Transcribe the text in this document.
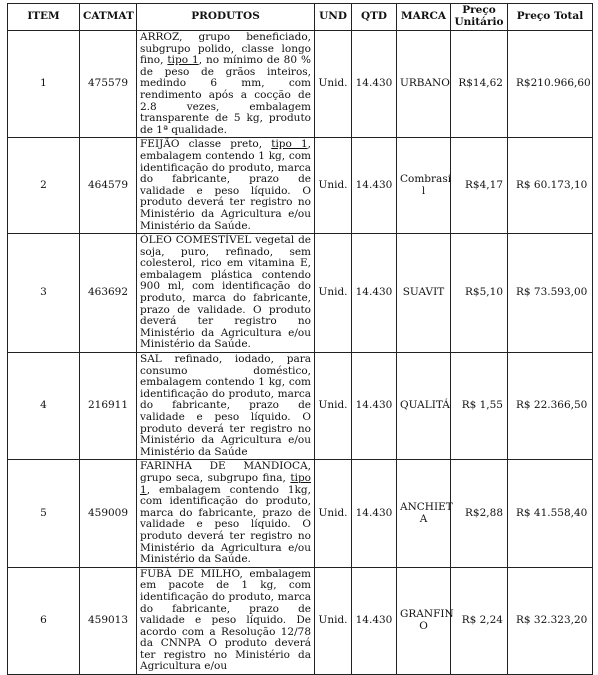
ITEM	CATMAT	PRODUTOS	UND	QTD	MARCA	Preço Unitário	Preço Total
1	475579	ARROZ, grupo beneficiado, subgrupo polido, classe longo fino, tipo 1, no mínimo de 80 % de peso de grãos inteiros, medindo 6 mm, com rendimento após a cocção de 2.8 vezes, embalagem transparente de 5 kg, produto de 1ª qualidade.	Unid.	14.430	URBANO	R$14,62	R$210.966,60
2	464579	FEIJÃO classe preto, tipo 1, embalagem contendo 1 kg, com identificação do produto, marca do fabricante, prazo de validade e peso líquido. O produto deverá ter registro no Ministério da Agricultura e/ou Ministério da Saúde.	Unid.	14.430	Combrasi l	R$4,17	R$ 60.173,10
3	463692	ÓLEO COMESTÍVEL vegetal de soja, puro, refinado, sem colesterol, rico em vitamina E, embalagem plástica contendo 900 ml, com identificação do produto, marca do fabricante, prazo de validade. O produto deverá ter registro no Ministério da Agricultura e/ou Ministério da Saúde.	Unid.	14.430	SUAVIT	R$5,10	R$ 73.593,00
4	216911	SAL refinado, iodado, para consumo doméstico, embalagem contendo 1 kg, com identificação do produto, marca do fabricante, prazo de validade e peso líquido. O produto deverá ter registro no Ministério da Agricultura e/ou Ministério da Saúde	Unid.	14.430	QUALITÁ	R$ 1,55	R$ 22.366,50
5	459009	FARINHA DE MANDIOCA, grupo seca, subgrupo fina, tipo 1, embalagem contendo 1kg, com identificação do produto, marca do fabricante, prazo de validade e peso líquido. O produto deverá ter registro no Ministério da Agricultura e/ou Ministério da Saúde.	Unid.	14.430	ANCHIET A	R$2,88	R$ 41.558,40
6	459013	FUBÁ DE MILHO, embalagem em pacote de 1 kg, com identificação do produto, marca do fabricante, prazo de validade e peso líquido. De acordo com a Resolução 12/78 da CNNPA O produto deverá ter registro no Ministério da Agricultura e/ou	Unid.	14.430	GRANFIN O	R$ 2,24	R$ 32.323,20
